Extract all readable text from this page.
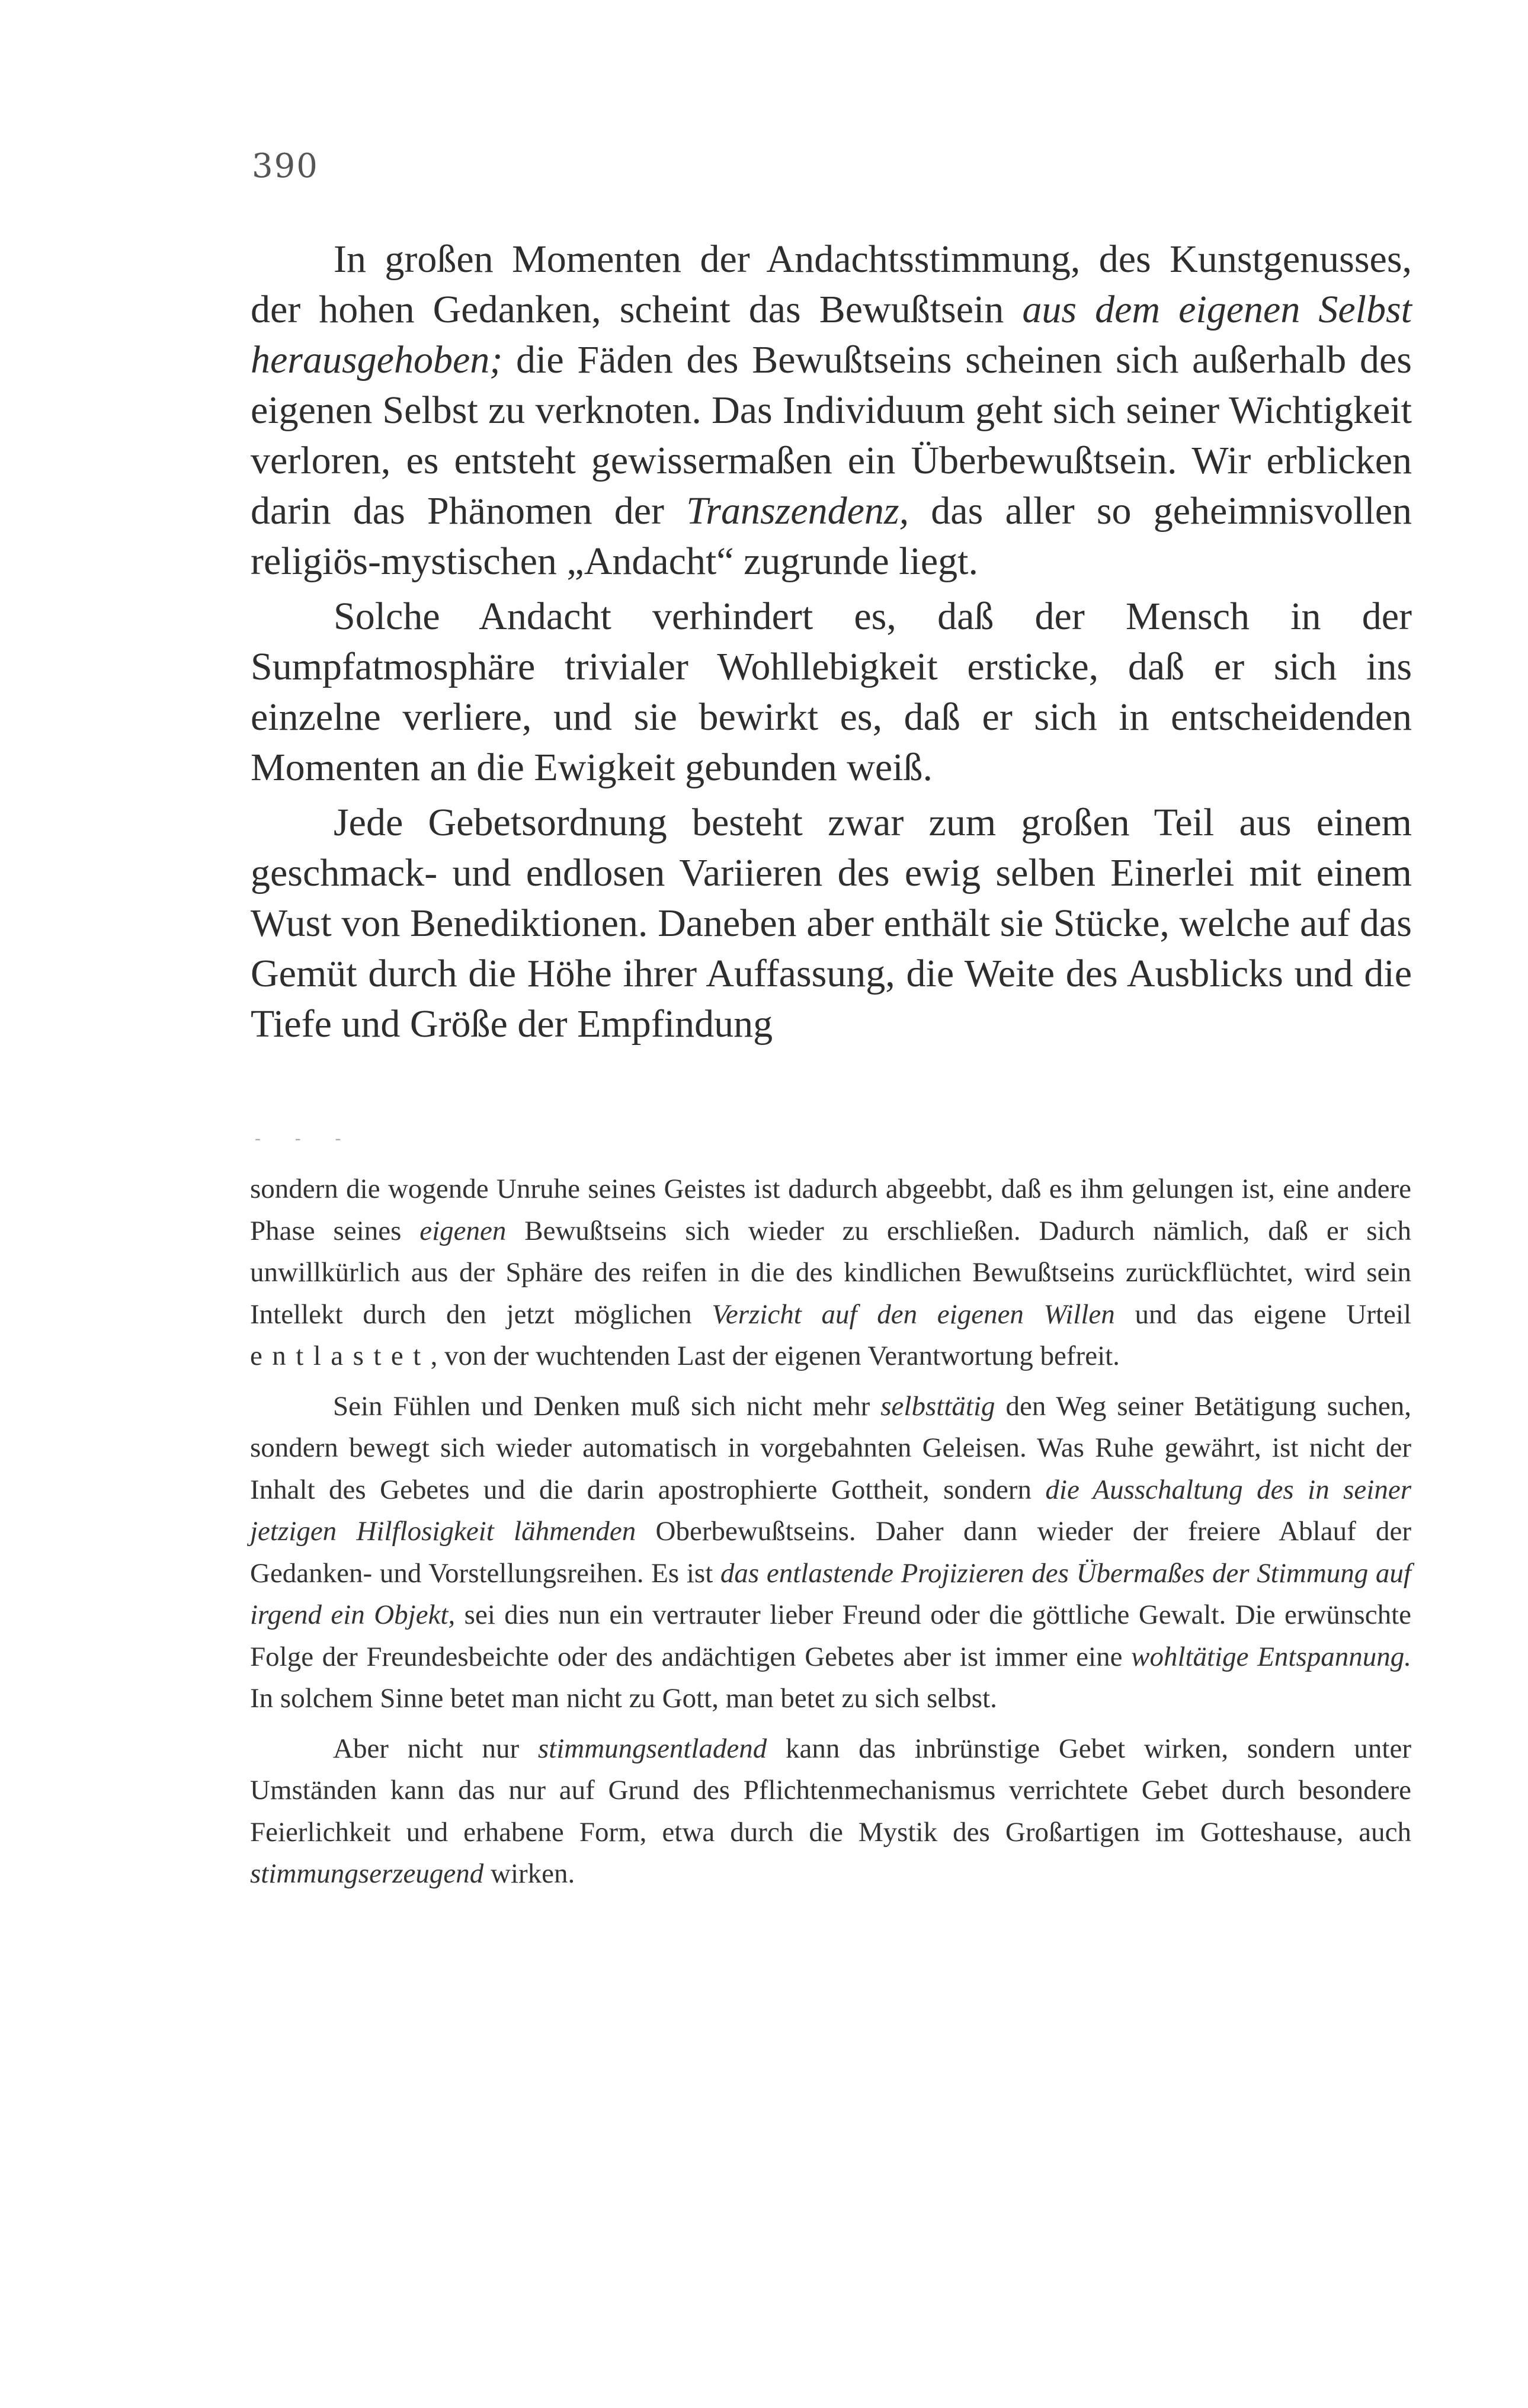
390

In großen Momenten der Andachtsstimmung, des Kunstgenusses, der hohen Gedanken, scheint das Bewußtsein aus dem eigenen Selbst herausgehoben; die Fäden des Bewußtseins scheinen sich außerhalb des eigenen Selbst zu verknoten. Das Individuum geht sich seiner Wichtigkeit verloren, es entsteht gewissermaßen ein Überbewußtsein. Wir erblicken darin das Phänomen der Transzendenz, das aller so geheimnisvollen religiös-mystischen „Andacht“ zugrunde liegt.

Solche Andacht verhindert es, daß der Mensch in der Sumpfatmosphäre trivialer Wohllebigkeit ersticke, daß er sich ins einzelne verliere, und sie bewirkt es, daß er sich in entscheidenden Momenten an die Ewigkeit gebunden weiß.

Jede Gebetsordnung besteht zwar zum großen Teil aus einem geschmack- und endlosen Variieren des ewig selben Einerlei mit einem Wust von Benediktionen. Daneben aber enthält sie Stücke, welche auf das Gemüt durch die Höhe ihrer Auffassung, die Weite des Ausblicks und die Tiefe und Größe der Empfindung

- - -

sondern die wogende Unruhe seines Geistes ist dadurch abgeebbt, daß es ihm gelungen ist, eine andere Phase seines eigenen Bewußtseins sich wieder zu erschließen. Dadurch nämlich, daß er sich unwillkürlich aus der Sphäre des reifen in die des kindlichen Bewußtseins zurückflüchtet, wird sein Intellekt durch den jetzt möglichen Verzicht auf den eigenen Willen und das eigene Urteil entlastet, von der wuchtenden Last der eigenen Verantwortung befreit.

Sein Fühlen und Denken muß sich nicht mehr selbsttätig den Weg seiner Betätigung suchen, sondern bewegt sich wieder automatisch in vorgebahnten Geleisen. Was Ruhe gewährt, ist nicht der Inhalt des Gebetes und die darin apostrophierte Gottheit, sondern die Ausschaltung des in seiner jetzigen Hilflosigkeit lähmenden Oberbewußtseins. Daher dann wieder der freiere Ablauf der Gedanken- und Vorstellungsreihen. Es ist das entlastende Projizieren des Übermaßes der Stimmung auf irgend ein Objekt, sei dies nun ein vertrauter lieber Freund oder die göttliche Gewalt. Die erwünschte Folge der Freundesbeichte oder des andächtigen Gebetes aber ist immer eine wohltätige Entspannung. In solchem Sinne betet man nicht zu Gott, man betet zu sich selbst.

Aber nicht nur stimmungsentladend kann das inbrünstige Gebet wirken, sondern unter Umständen kann das nur auf Grund des Pflichtenmechanismus verrichtete Gebet durch besondere Feierlichkeit und erhabene Form, etwa durch die Mystik des Großartigen im Gotteshause, auch stimmungserzeugend wirken.
